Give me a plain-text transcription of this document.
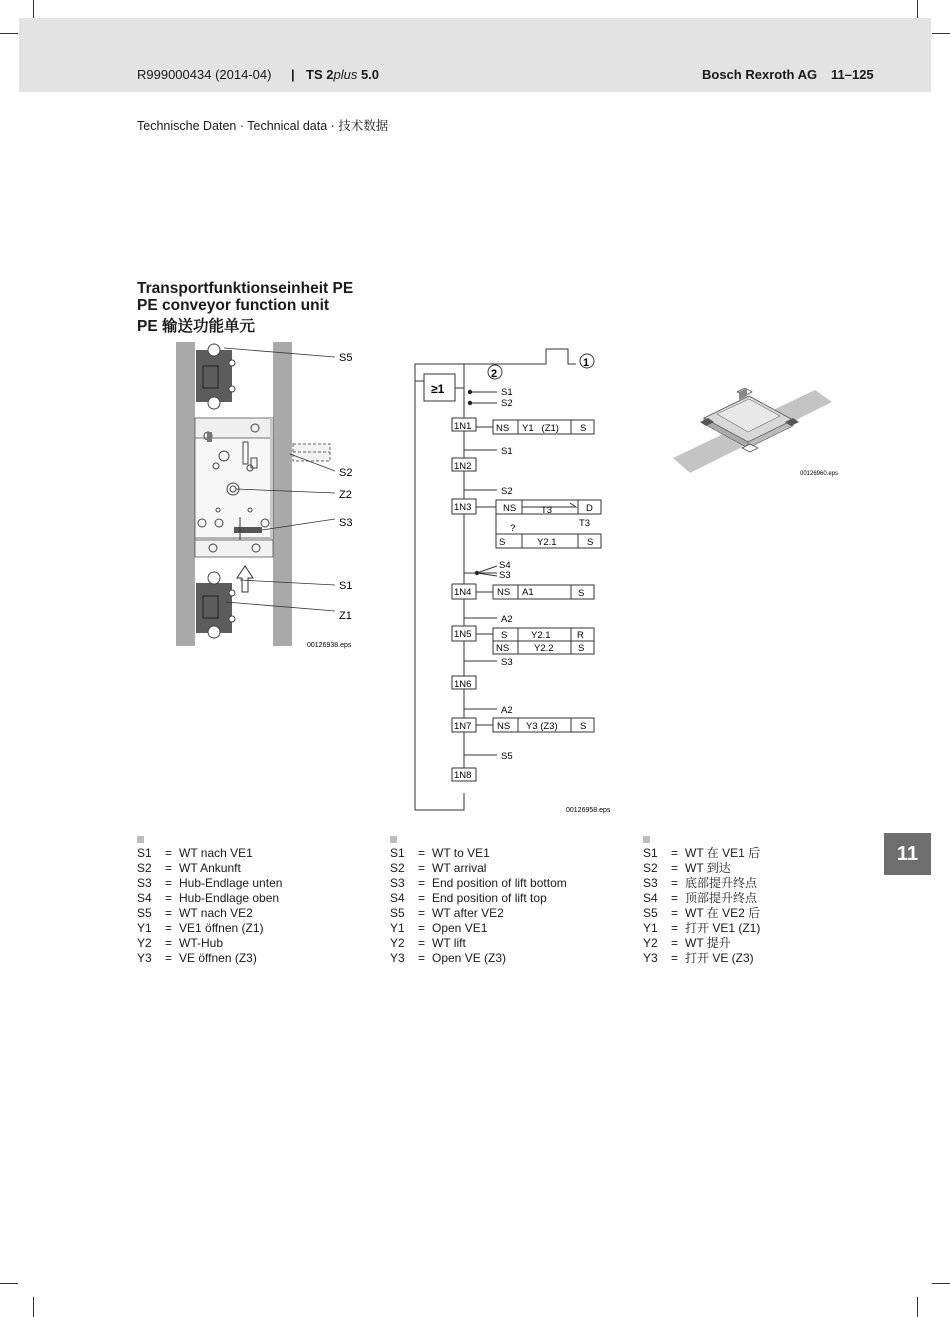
R999000434 (2014-04) | TS 2plus 5.0	Bosch Rexroth AG 11–125
Technische Daten · Technical data · 技术数据
Transportfunktionseinheit PE
PE conveyor function unit
PE 输送功能单元
S5
S2
Z2
S3
S1
Z1
00126938.eps
≥1
1
2
1N1
1N2
1N3
1N4
1N5
1N6
1N7
1N8
S1
S2
S1
S2
S4
S3
A2
S3
A2
S5
NS Y1   (Z1) S
NS	T3	D
T3
?
S	Y2.1	S
NS A1	S
S Y2.1	R
NS	Y2.2	S
NS Y3 (Z3) S
00126958.eps
00126960.eps
S1	= WT nach VE1
S2	= WT Ankunft
S3	= Hub-Endlage unten
S4	= Hub-Endlage oben
S5	= WT nach VE2
Y1	= VE1 öffnen (Z1)
Y2	= WT-Hub
Y3	= VE öffnen (Z3)
S1	= WT to VE1
S2	= WT arrival
S3	= End position of lift bottom
S4	= End position of lift top
S5	= WT after VE2
Y1	= Open VE1
Y2	= WT lift
Y3	= Open VE (Z3)
S1	= WT 在 VE1 后
S2	= WT 到达
S3	= 底部提升终点
S4	= 顶部提升终点
S5	= WT 在 VE2 后
Y1	= 打开 VE1 (Z1)
Y2	= WT 提升
Y3	= 打开 VE (Z3)
11
